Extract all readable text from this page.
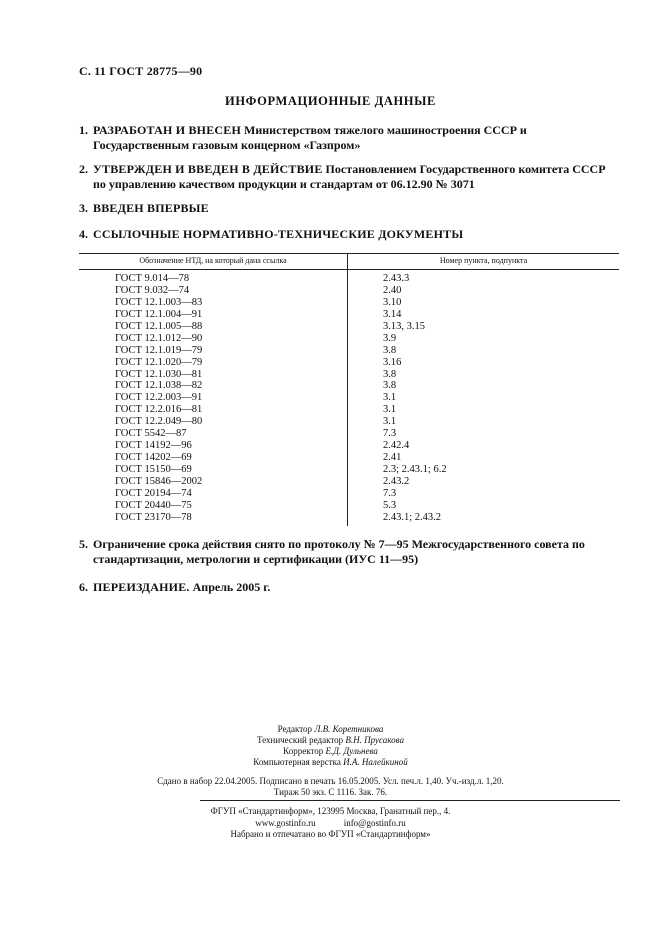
С. 11 ГОСТ 28775—90
ИНФОРМАЦИОННЫЕ ДАННЫЕ
1. РАЗРАБОТАН И ВНЕСЕН Министерством тяжелого машиностроения СССР и Государственным газовым концерном «Газпром»
2. УТВЕРЖДЕН И ВВЕДЕН В ДЕЙСТВИЕ Постановлением Государственного комитета СССР по управлению качеством продукции и стандартам от 06.12.90 № 3071
3. ВВЕДЕН ВПЕРВЫЕ
4. ССЫЛОЧНЫЕ НОРМАТИВНО-ТЕХНИЧЕСКИЕ ДОКУМЕНТЫ
Обозначение НТД, на который дана ссылка	Номер пункта, подпункта
ГОСТ 9.014—78	2.43.3
ГОСТ 9.032—74	2.40
ГОСТ 12.1.003—83	3.10
ГОСТ 12.1.004—91	3.14
ГОСТ 12.1.005—88	3.13, 3.15
ГОСТ 12.1.012—90	3.9
ГОСТ 12.1.019—79	3.8
ГОСТ 12.1.020—79	3.16
ГОСТ 12.1.030—81	3.8
ГОСТ 12.1.038—82	3.8
ГОСТ 12.2.003—91	3.1
ГОСТ 12.2.016—81	3.1
ГОСТ 12.2.049—80	3.1
ГОСТ 5542—87	7.3
ГОСТ 14192—96	2.42.4
ГОСТ 14202—69	2.41
ГОСТ 15150—69	2.3; 2.43.1; 6.2
ГОСТ 15846—2002	2.43.2
ГОСТ 20194—74	7.3
ГОСТ 20440—75	5.3
ГОСТ 23170—78	2.43.1; 2.43.2
5. Ограничение срока действия снято по протоколу № 7—95 Межгосударственного совета по стандартизации, метрологии и сертификации (ИУС 11—95)
6. ПЕРЕИЗДАНИЕ. Апрель 2005 г.
Редактор Л.В. Коретникова
Технический редактор В.Н. Прусакова
Корректор Е.Д. Дульнева
Компьютерная верстка И.А. Налейкиной
Сдано в набор 22.04.2005. Подписано в печать 16.05.2005. Усл. печ.л. 1,40. Уч.-изд.л. 1,20.
Тираж 50 экз. С 1116. Зак. 76.
ФГУП «Стандартинформ», 123995 Москва, Гранатный пер., 4.
www.gostinfo.ru	info@gostinfo.ru
Набрано и отпечатано во ФГУП «Стандартинформ»
